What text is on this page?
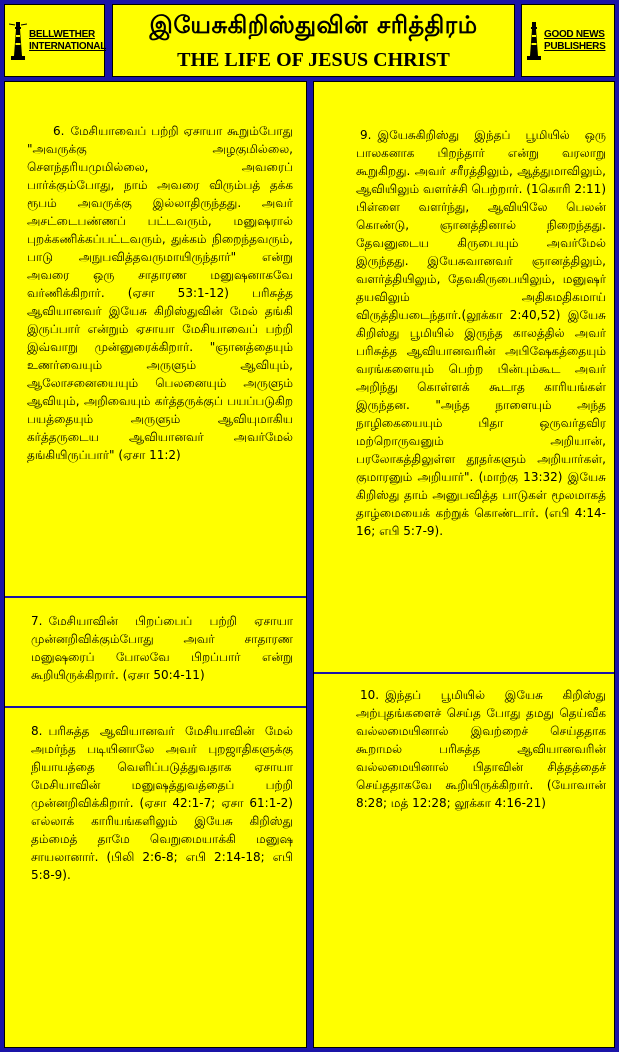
BELLWETHER
INTERNATIONAL
இயேசுகிறிஸ்துவின் சரித்திரம்
THE LIFE OF JESUS CHRIST
GOOD NEWS
PUBLISHERS
6. மேசியாவைப் பற்றி ஏசாயா கூறும்போது "அவருக்கு அழகுமில்லை, சௌந்தரியமுமில்லை, அவரைப் பார்க்கும்போது, நாம் அவரை விரும்பத் தக்க ரூபம் அவருக்கு இல்லாதிருந்தது. அவர் அசட்டைபண்ணப் பட்டவரும், மனுஷரால் புறக்கணிக்கப்பட்டவரும், துக்கம் நிறைந்தவரும், பாடு அநுபவித்தவருமாயிருந்தார்" என்று அவரை ஒரு சாதாரண மனுஷனாகவே வர்ணிக்கிறார். (ஏசா 53:1-12) பரிசுத்த ஆவியானவர் இயேசு கிறிஸ்துவின் மேல் தங்கி இருப்பார் என்றும் ஏசாயா மேசியாவைப் பற்றி இவ்வாறு முன்னுரைக்கிறார். "ஞானத்தையும் உணர்வையும் அருளும் ஆவியும், ஆலோசனையையும் பெலனையும் அருளும் ஆவியும், அறிவையும் கர்த்தருக்குப் பயப்படுகிற பயத்தையும் அருளும் ஆவியுமாகிய கர்த்தருடைய ஆவியானவர் அவர்மேல் தங்கியிருப்பார்" (ஏசா 11:2)
7. மேசியாவின் பிறப்பைப் பற்றி ஏசாயா முன்னறிவிக்கும்போது அவர் சாதாரண மனுஷரைப் போலவே பிறப்பார் என்று கூறியிருக்கிறார். (ஏசா 50:4-11)
8. பரிசுத்த ஆவியானவர் மேசியாவின் மேல் அமர்ந்த படியினாலே அவர் புறஜாதிகளுக்கு நியாயத்தை வெளிப்படுத்துவதாக ஏசாயா மேசியாவின் மனுஷத்துவத்தைப் பற்றி முன்னறிவிக்கிறார். (ஏசா 42:1-7; ஏசா 61:1-2) எல்லாக் காரியங்களிலும் இயேசு கிறிஸ்து தம்மைத் தாமே வெறுமையாக்கி மனுஷ சாயலானார். (பிலி 2:6-8; எபி 2:14-18; எபி 5:8-9).
9. இயேசுகிறிஸ்து இந்தப் பூமியில் ஒரு பாலகனாக பிறந்தார் என்று வரலாறு கூறுகிறது. அவர் சரீரத்திலும், ஆத்துமாவிலும், ஆவியிலும் வளர்ச்சி பெற்றார். (1கொரி 2:11) பிள்ளை வளர்ந்து, ஆவியிலே பெலன் கொண்டு, ஞானத்தினால் நிறைந்தது. தேவனுடைய கிருபையும் அவர்மேல் இருந்தது. இயேசுவானவர் ஞானத்திலும், வளர்த்தியிலும், தேவகிருபையிலும், மனுஷர் தயவிலும் அதிகமதிகமாய் விருத்தியடைந்தார்.(லூக்கா 2:40,52) இயேசு கிறிஸ்து பூமியில் இருந்த காலத்தில் அவர் பரிசுத்த ஆவியானவரின் அபிஷேகத்தையும் வரங்களையும் பெற்ற பின்பும்கூட அவர் அறிந்து கொள்ளக் கூடாத காரியங்கள் இருந்தன. "அந்த நாளையும் அந்த நாழிகையையும் பிதா ஒருவர்தவிர மற்றொருவனும் அறியான், பரலோகத்திலுள்ள தூதர்களும் அறியார்கள், குமாரனும் அறியார்". (மாற்கு 13:32) இயேசு கிறிஸ்து தாம் அனுபவித்த பாடுகள் மூலமாகத் தாழ்மையைக் கற்றுக் கொண்டார். (எபி 4:14-16; எபி 5:7-9).
10. இந்தப் பூமியில் இயேசு கிறிஸ்து அற்புதங்களைச் செய்த போது தமது தெய்வீக வல்லமையினால் இவற்றைச் செய்ததாக கூறாமல் பரிசுத்த ஆவியானவரின் வல்லமையினால் பிதாவின் சித்தத்தைச் செய்ததாகவே கூறியிருக்கிறார். (யோவான் 8:28; மத் 12:28; லூக்கா 4:16-21)
